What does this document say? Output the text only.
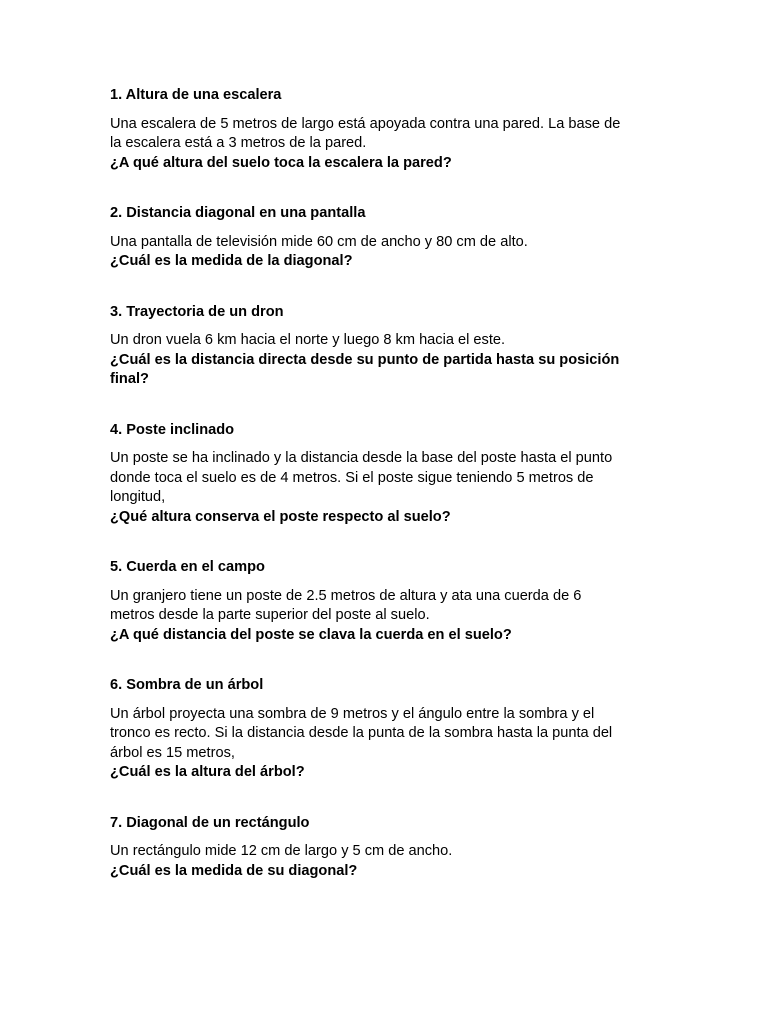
1. Altura de una escalera

Una escalera de 5 metros de largo está apoyada contra una pared. La base de
la escalera está a 3 metros de la pared.

¿A qué altura del suelo toca la escalera la pared?

2. Distancia diagonal en una pantalla

Una pantalla de televisión mide 60 cm de ancho y 80 cm de alto.

¿Cuál es la medida de la diagonal?

3. Trayectoria de un dron

Un dron vuela 6 km hacia el norte y luego 8 km hacia el este.

¿Cuál es la distancia directa desde su punto de partida hasta su posición
final?

4. Poste inclinado

Un poste se ha inclinado y la distancia desde la base del poste hasta el punto
donde toca el suelo es de 4 metros. Si el poste sigue teniendo 5 metros de
longitud,

¿Qué altura conserva el poste respecto al suelo?

5. Cuerda en el campo

Un granjero tiene un poste de 2.5 metros de altura y ata una cuerda de 6
metros desde la parte superior del poste al suelo.

¿A qué distancia del poste se clava la cuerda en el suelo?

6. Sombra de un árbol

Un árbol proyecta una sombra de 9 metros y el ángulo entre la sombra y el
tronco es recto. Si la distancia desde la punta de la sombra hasta la punta del
árbol es 15 metros,

¿Cuál es la altura del árbol?

7. Diagonal de un rectángulo

Un rectángulo mide 12 cm de largo y 5 cm de ancho.

¿Cuál es la medida de su diagonal?
